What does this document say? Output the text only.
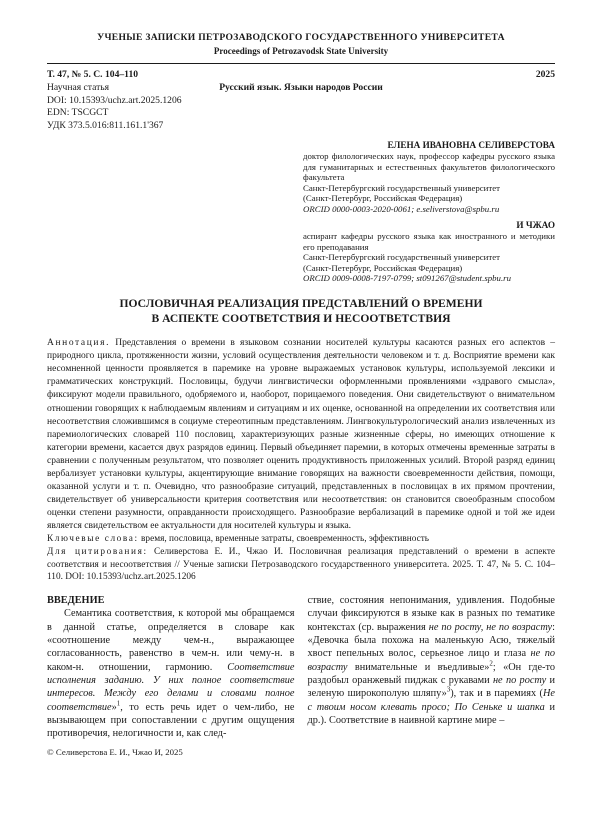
УЧЕНЫЕ ЗАПИСКИ ПЕТРОЗАВОДСКОГО ГОСУДАРСТВЕННОГО УНИВЕРСИТЕТА
Proceedings of Petrozavodsk State University
Т. 47, № 5. С. 104–110	2025
Научная статья	Русский язык. Языки народов России
DOI: 10.15393/uchz.art.2025.1206
EDN: TSCGCT
УДК 373.5.016:811.161.1'367
ЕЛЕНА ИВАНОВНА СЕЛИВЕРСТОВА
доктор филологических наук, профессор кафедры русского языка для гуманитарных и естественных факультетов филологического факультета
Санкт-Петербургский государственный университет
(Санкт-Петербург, Российская Федерация)
ORCID 0000-0003-2020-0061; e.seliverstova@spbu.ru
И ЧЖАО
аспирант кафедры русского языка как иностранного и методики его преподавания
Санкт-Петербургский государственный университет
(Санкт-Петербург, Российская Федерация)
ORCID 0009-0008-7197-0799; st091267@student.spbu.ru
ПОСЛОВИЧНАЯ РЕАЛИЗАЦИЯ ПРЕДСТАВЛЕНИЙ О ВРЕМЕНИ
В АСПЕКТЕ СООТВЕТСТВИЯ И НЕСООТВЕТСТВИЯ

Аннотация. Представления о времени в языковом сознании носителей культуры касаются разных его аспектов – природного цикла, протяженности жизни, условий осуществления деятельности человеком и т. д. Восприятие времени как несомненной ценности проявляется в паремике на уровне выражаемых установок культуры, используемой лексики и грамматических конструкций. Пословицы, будучи лингвистически оформленными проявлениями «здравого смысла», фиксируют модели правильного, одобряемого и, наоборот, порицаемого поведения. Они свидетельствуют о внимательном отношении говорящих к наблюдаемым явлениям и ситуациям и их оценке, основанной на определении их соответствия или несоответствия сложившимся в социуме стереотипным представлениям. Лингвокультурологический анализ извлеченных из паремиологических словарей 110 пословиц, характеризующих разные жизненные сферы, но имеющих отношение к категории времени, касается двух разрядов единиц. Первый объединяет паремии, в которых отмечены временные затраты в сравнении с полученным результатом, что позволяет оценить продуктивность приложенных усилий. Второй разряд единиц вербализует установки культуры, акцентирующие внимание говорящих на важности своевременности действия, помощи, оказанной услуги и т. п. Очевидно, что разнообразие ситуаций, представленных в пословицах в их прямом прочтении, свидетельствует об универсальности критерия соответствия или несоответствия: он становится своеобразным способом оценки степени разумности, оправданности происходящего. Разнообразие вербализаций в паремике одной и той же идеи является свидетельством ее актуальности для носителей культуры и языка.

Ключевые слова: время, пословица, временные затраты, своевременность, эффективность

Для цитирования: Селиверстова Е. И., Чжао И. Пословичная реализация представлений о времени в аспекте соответствия и несоответствия // Ученые записки Петрозаводского государственного университета. 2025. Т. 47, № 5. С. 104–110. DOI: 10.15393/uchz.art.2025.1206

ВВЕДЕНИЕ

Семантика соответствия, к которой мы обращаемся в данной статье, определяется в словаре как «соотношение между чем-н., выражающее согласованность, равенство в чем-н. или чему-н. в каком-н. отношении, гармонию. Соответствие исполнения заданию. У них полное соответствие интересов. Между его делами и словами полное соответствие»$^1$, то есть речь идет о чем-либо, не вызывающем при сопоставлении с другим ощущения противоречия, нелогичности и, как след-

ствие, состояния непонимания, удивления. Подобные случаи фиксируются в языке как в разных по тематике контекстах (ср. выражения не по росту, не по возрасту: «Девочка была похожа на маленькую Асю, тяжелый хвост пепельных волос, серьезное лицо и глаза не по возрасту внимательные и въедливые»$^2$; «Он где-то раздобыл оранжевый пиджак с рукавами не по росту и зеленую широкополую шляпу»$^3$), так и в паремиях (Не с твоим носом клевать просо; По Сеньке и шапка и др.). Соответствие в наивной картине мире –

© Селиверстова Е. И., Чжао И, 2025
